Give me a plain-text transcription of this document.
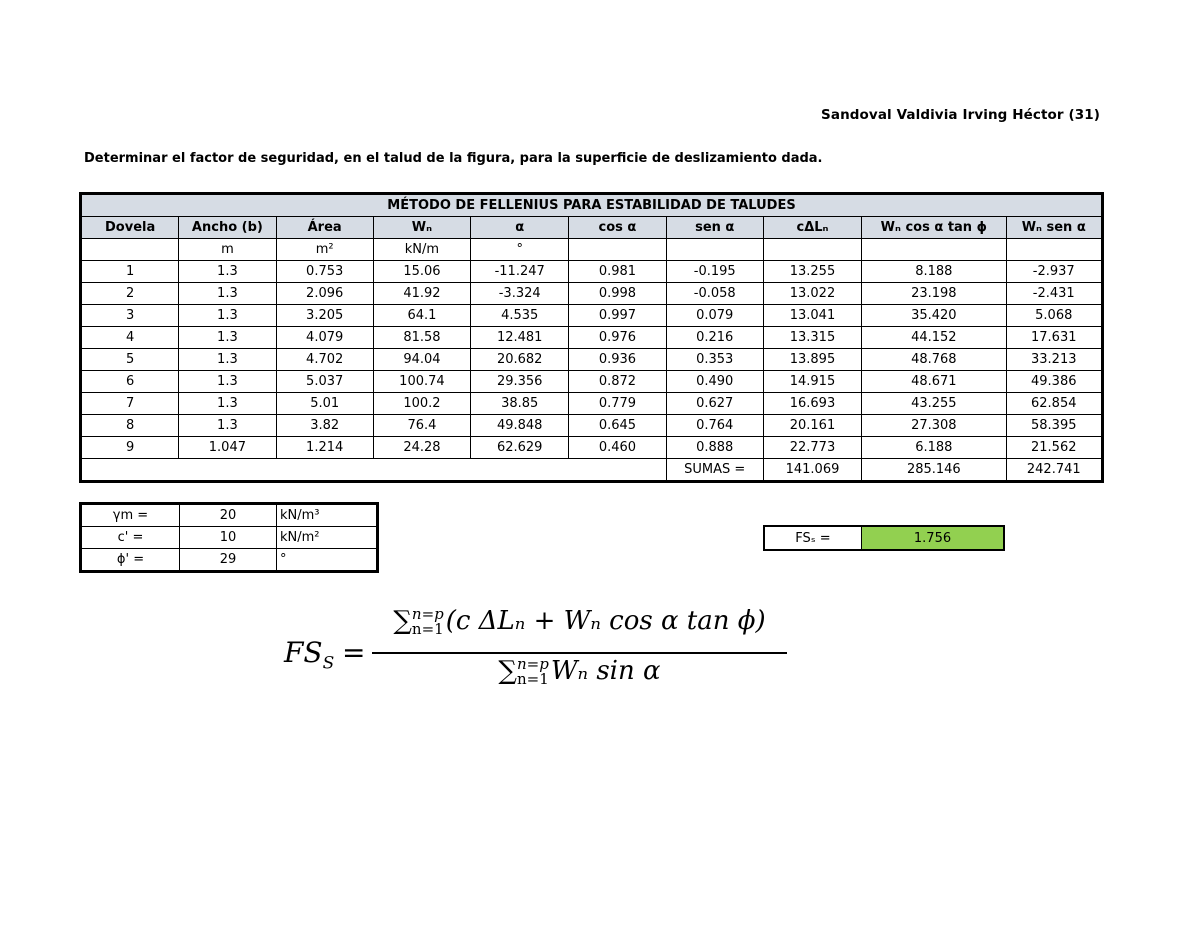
Sandoval Valdivia Irving Héctor (31)
Determinar el factor de seguridad, en el talud de la figura, para la superficie de deslizamiento dada.
MÉTODO DE FELLENIUS PARA ESTABILIDAD DE TALUDES									
Dovela	Ancho (b)	Área	Wₙ	α	cos α	sen α	cΔLₙ	Wₙ cos α tan ϕ	Wₙ sen α
	m	m²	kN/m	°					
1	1.3	0.753	15.06	-11.247	0.981	-0.195	13.255	8.188	-2.937
2	1.3	2.096	41.92	-3.324	0.998	-0.058	13.022	23.198	-2.431
3	1.3	3.205	64.1	4.535	0.997	0.079	13.041	35.420	5.068
4	1.3	4.079	81.58	12.481	0.976	0.216	13.315	44.152	17.631
5	1.3	4.702	94.04	20.682	0.936	0.353	13.895	48.768	33.213
6	1.3	5.037	100.74	29.356	0.872	0.490	14.915	48.671	49.386
7	1.3	5.01	100.2	38.85	0.779	0.627	16.693	43.255	62.854
8	1.3	3.82	76.4	49.848	0.645	0.764	20.161	27.308	58.395
9	1.047	1.214	24.28	62.629	0.460	0.888	22.773	6.188	21.562
						SUMAS =	141.069	285.146	242.741
γm =	20	kN/m³
c' =	10	kN/m²
ϕ' =	29	°
FSₛ =	1.756
$FS_S$ =
∑n=p
n=1(c ΔLₙ + Wₙ cos α tan ϕ)
∑n=p
n=1Wₙ sin α
